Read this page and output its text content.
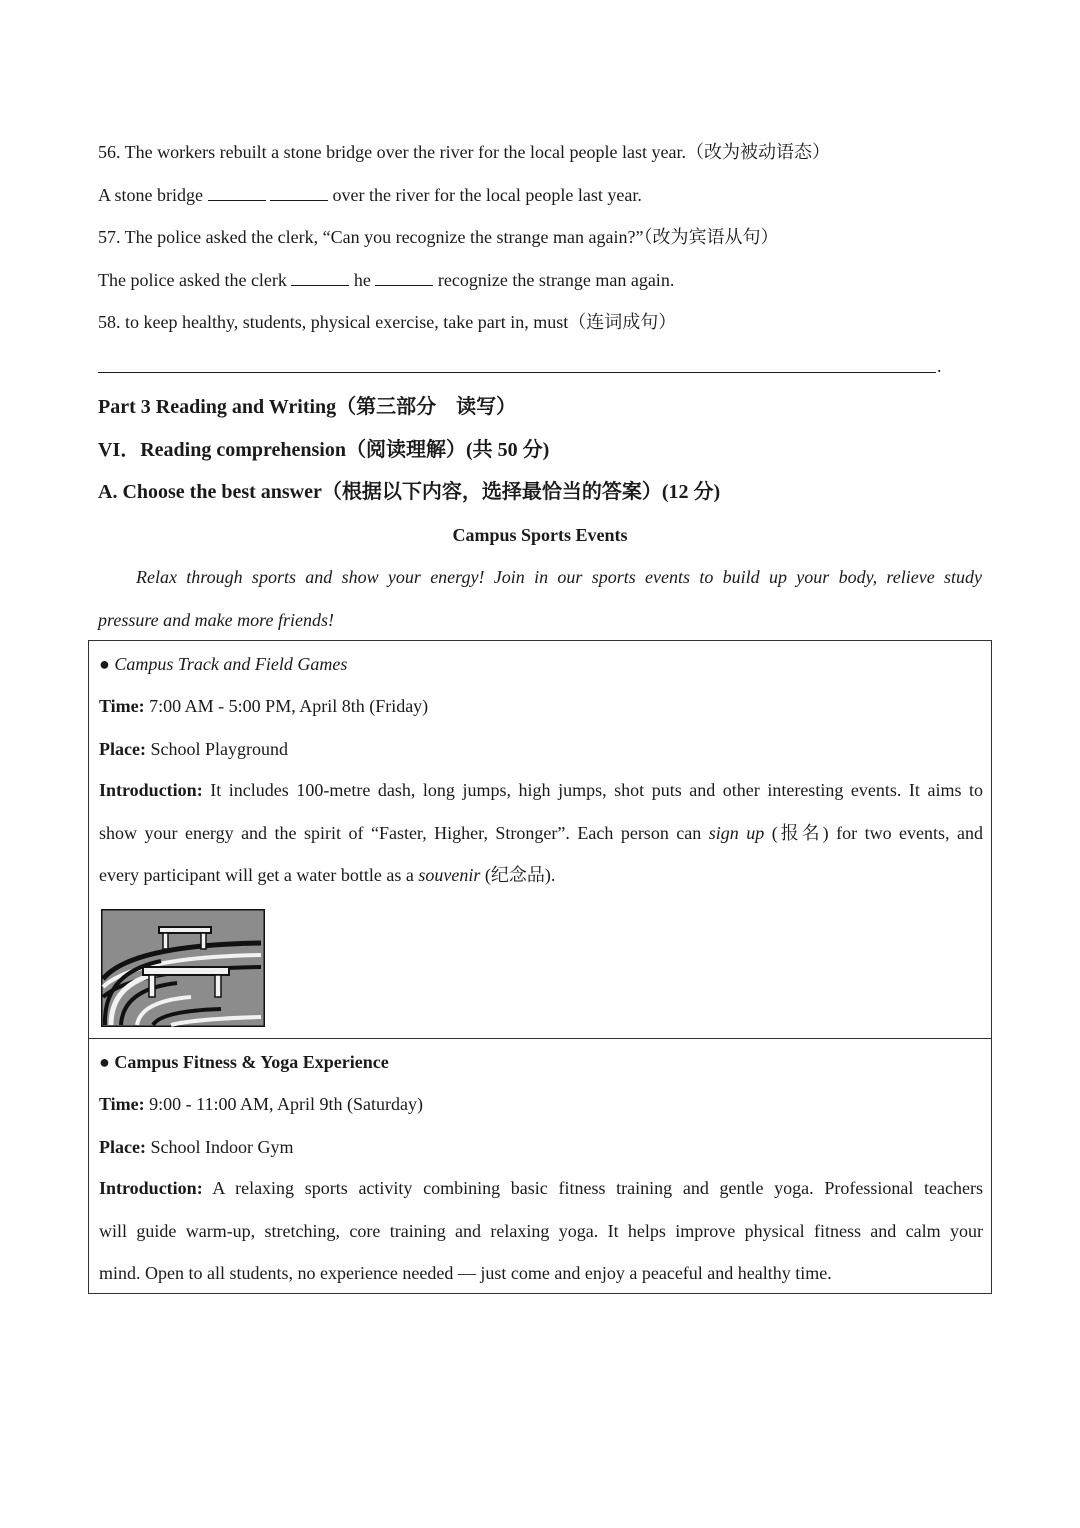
56. The workers rebuilt a stone bridge over the river for the local people last year.（改为被动语态）
A stone bridge	over the river for the local people last year.
57. The police asked the clerk, “Can you recognize the strange man again?”（改为宾语从句）
The police asked the clerk	he	recognize the strange man again.
58. to keep healthy, students, physical exercise, take part in, must（连词成句）
.
Part 3 Reading and Writing（第三部分　读写）
VI．Reading comprehension（阅读理解）(共 50 分)
A. Choose the best answer（根据以下内容，选择最恰当的答案）(12 分)
Campus Sports Events

Relax through sports and show your energy! Join in our sports events to build up your body, relieve study

pressure and make more friends!

● Campus Track and Field Games
Time: 7:00 AM - 5:00 PM, April 8th (Friday)
Place: School Playground

Introduction: It includes 100-metre dash, long jumps, high jumps, shot puts and other interesting events. It aims to

show your energy and the spirit of “Faster, Higher, Stronger”. Each person can sign up (报名) for two events, and

every participant will get a water bottle as a souvenir (纪念品).

● Campus Fitness & Yoga Experience
Time: 9:00 - 11:00 AM, April 9th (Saturday)
Place: School Indoor Gym

Introduction: A relaxing sports activity combining basic fitness training and gentle yoga. Professional teachers

will guide warm-up, stretching, core training and relaxing yoga. It helps improve physical fitness and calm your

mind. Open to all students, no experience needed — just come and enjoy a peaceful and healthy time.
